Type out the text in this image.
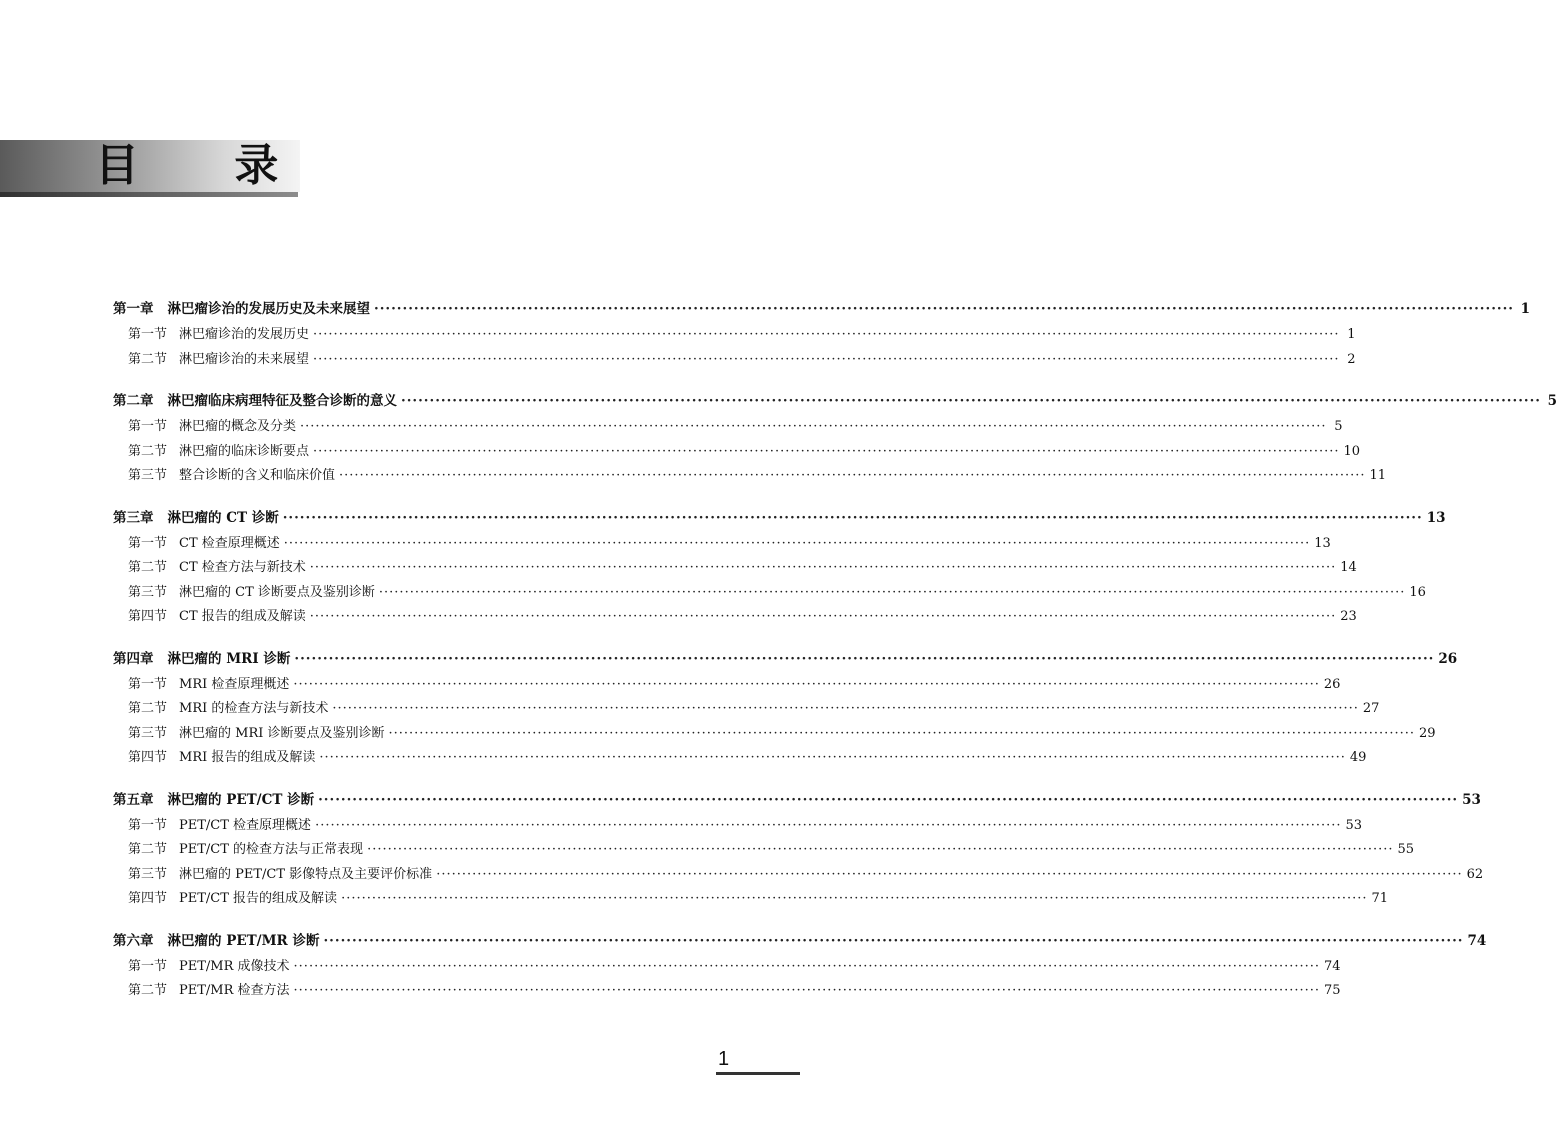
目 录
第一章 淋巴瘤诊治的发展历史及未来展望 ········································································································································································································ 1
第一节 淋巴瘤诊治的发展历史 ········································································································································································································ 1
第二节 淋巴瘤诊治的未来展望 ········································································································································································································ 2
第二章 淋巴瘤临床病理特征及整合诊断的意义 ········································································································································································································ 5
第一节 淋巴瘤的概念及分类 ········································································································································································································ 5
第二节 淋巴瘤的临床诊断要点 ········································································································································································································ 10
第三节 整合诊断的含义和临床价值 ········································································································································································································ 11
第三章 淋巴瘤的 CT 诊断 ········································································································································································································ 13
第一节 CT 检查原理概述 ········································································································································································································ 13
第二节 CT 检查方法与新技术 ········································································································································································································ 14
第三节 淋巴瘤的 CT 诊断要点及鉴别诊断 ········································································································································································································ 16
第四节 CT 报告的组成及解读 ········································································································································································································ 23
第四章 淋巴瘤的 MRI 诊断 ········································································································································································································ 26
第一节 MRI 检查原理概述 ········································································································································································································ 26
第二节 MRI 的检查方法与新技术 ········································································································································································································ 27
第三节 淋巴瘤的 MRI 诊断要点及鉴别诊断 ········································································································································································································ 29
第四节 MRI 报告的组成及解读 ········································································································································································································ 49
第五章 淋巴瘤的 PET/CT 诊断 ········································································································································································································ 53
第一节 PET/CT 检查原理概述 ········································································································································································································ 53
第二节 PET/CT 的检查方法与正常表现 ········································································································································································································ 55
第三节 淋巴瘤的 PET/CT 影像特点及主要评价标准 ········································································································································································································ 62
第四节 PET/CT 报告的组成及解读 ········································································································································································································ 71
第六章 淋巴瘤的 PET/MR 诊断 ········································································································································································································ 74
第一节 PET/MR 成像技术 ········································································································································································································ 74
第二节 PET/MR 检查方法 ········································································································································································································ 75
1
